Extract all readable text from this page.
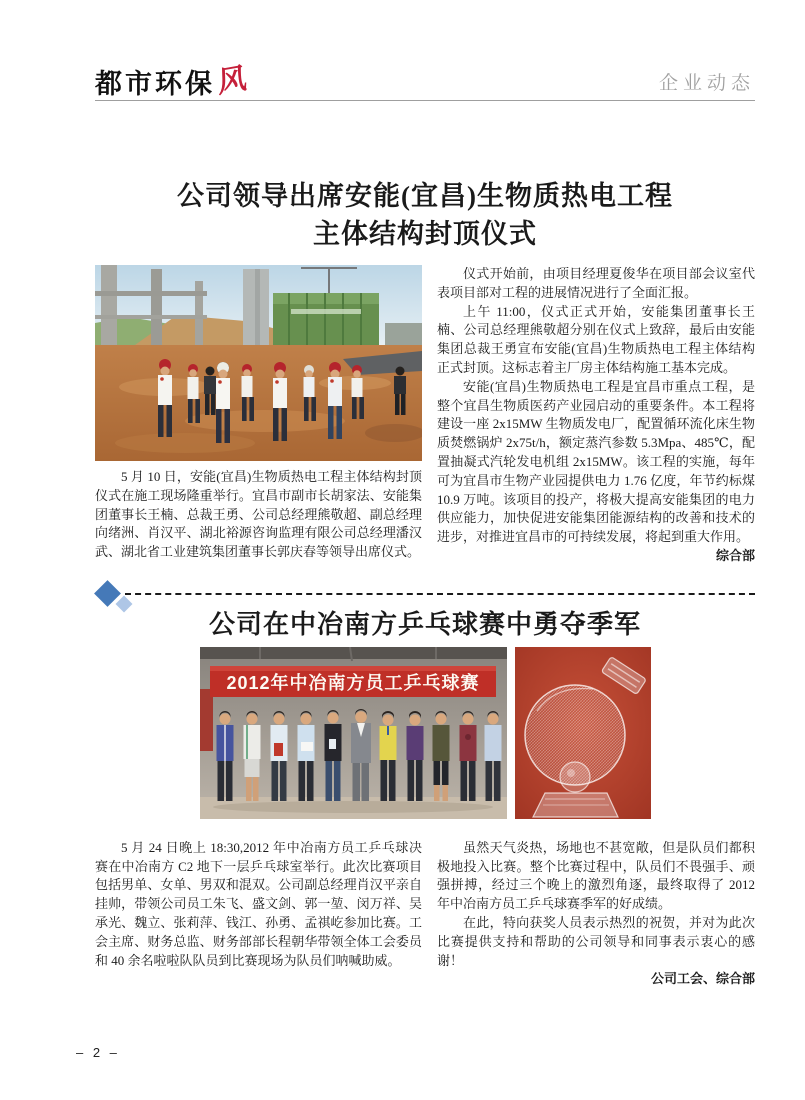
都市环保 风	企业动态
公司领导出席安能(宜昌)生物质热电工程
主体结构封顶仪式

5 月 10 日，安能(宜昌)生物质热电工程主体结构封顶仪式在施工现场隆重举行。宜昌市副市长胡家法、安能集团董事长王楠、总裁王勇、公司总经理熊敬超、副总经理向绪洲、肖汉平、湖北裕源咨询监理有限公司总经理潘汉武、湖北省工业建筑集团董事长郭庆春等领导出席仪式。

仪式开始前，由项目经理夏俊华在项目部会议室代表项目部对工程的进展情况进行了全面汇报。

上午 11:00，仪式正式开始，安能集团董事长王楠、公司总经理熊敬超分别在仪式上致辞，最后由安能集团总裁王勇宣布安能(宜昌)生物质热电工程主体结构正式封顶。这标志着主厂房主体结构施工基本完成。

安能(宜昌)生物质热电工程是宜昌市重点工程，是整个宜昌生物质医药产业园启动的重要条件。本工程将建设一座 2x15MW 生物质发电厂，配置循环流化床生物质焚燃锅炉 2x75t/h，额定蒸汽参数 5.3Mpa、485℃，配置抽凝式汽轮发电机组 2x15MW。该工程的实施，每年可为宜昌市生物产业园提供电力 1.76 亿度，年节约标煤 10.9 万吨。该项目的投产，将极大提高安能集团的电力供应能力，加快促进安能集团能源结构的改善和技术的进步，对推进宜昌市的可持续发展，将起到重大作用。
综合部

公司在中冶南方乒乓球赛中勇夺季军
2012年中冶南方员工乒乓球赛

5 月 24 日晚上 18:30,2012 年中冶南方员工乒乓球决赛在中冶南方 C2 地下一层乒乓球室举行。此次比赛项目包括男单、女单、男双和混双。公司副总经理肖汉平亲自挂帅，带领公司员工朱飞、盛文剑、郭一堃、闵万祥、吴承光、魏立、张莉萍、钱江、孙勇、孟祺屹参加比赛。工会主席、财务总监、财务部部长程朝华带领全体工会委员和 40 余名啦啦队队员到比赛现场为队员们呐喊助威。

虽然天气炎热，场地也不甚宽敞，但是队员们都积极地投入比赛。整个比赛过程中，队员们不畏强手、顽强拼搏，经过三个晚上的激烈角逐，最终取得了 2012 年中冶南方员工乒乓球赛季军的好成绩。

在此，特向获奖人员表示热烈的祝贺，并对为此次比赛提供支持和帮助的公司领导和同事表示衷心的感谢！

公司工会、综合部

– 2 –
